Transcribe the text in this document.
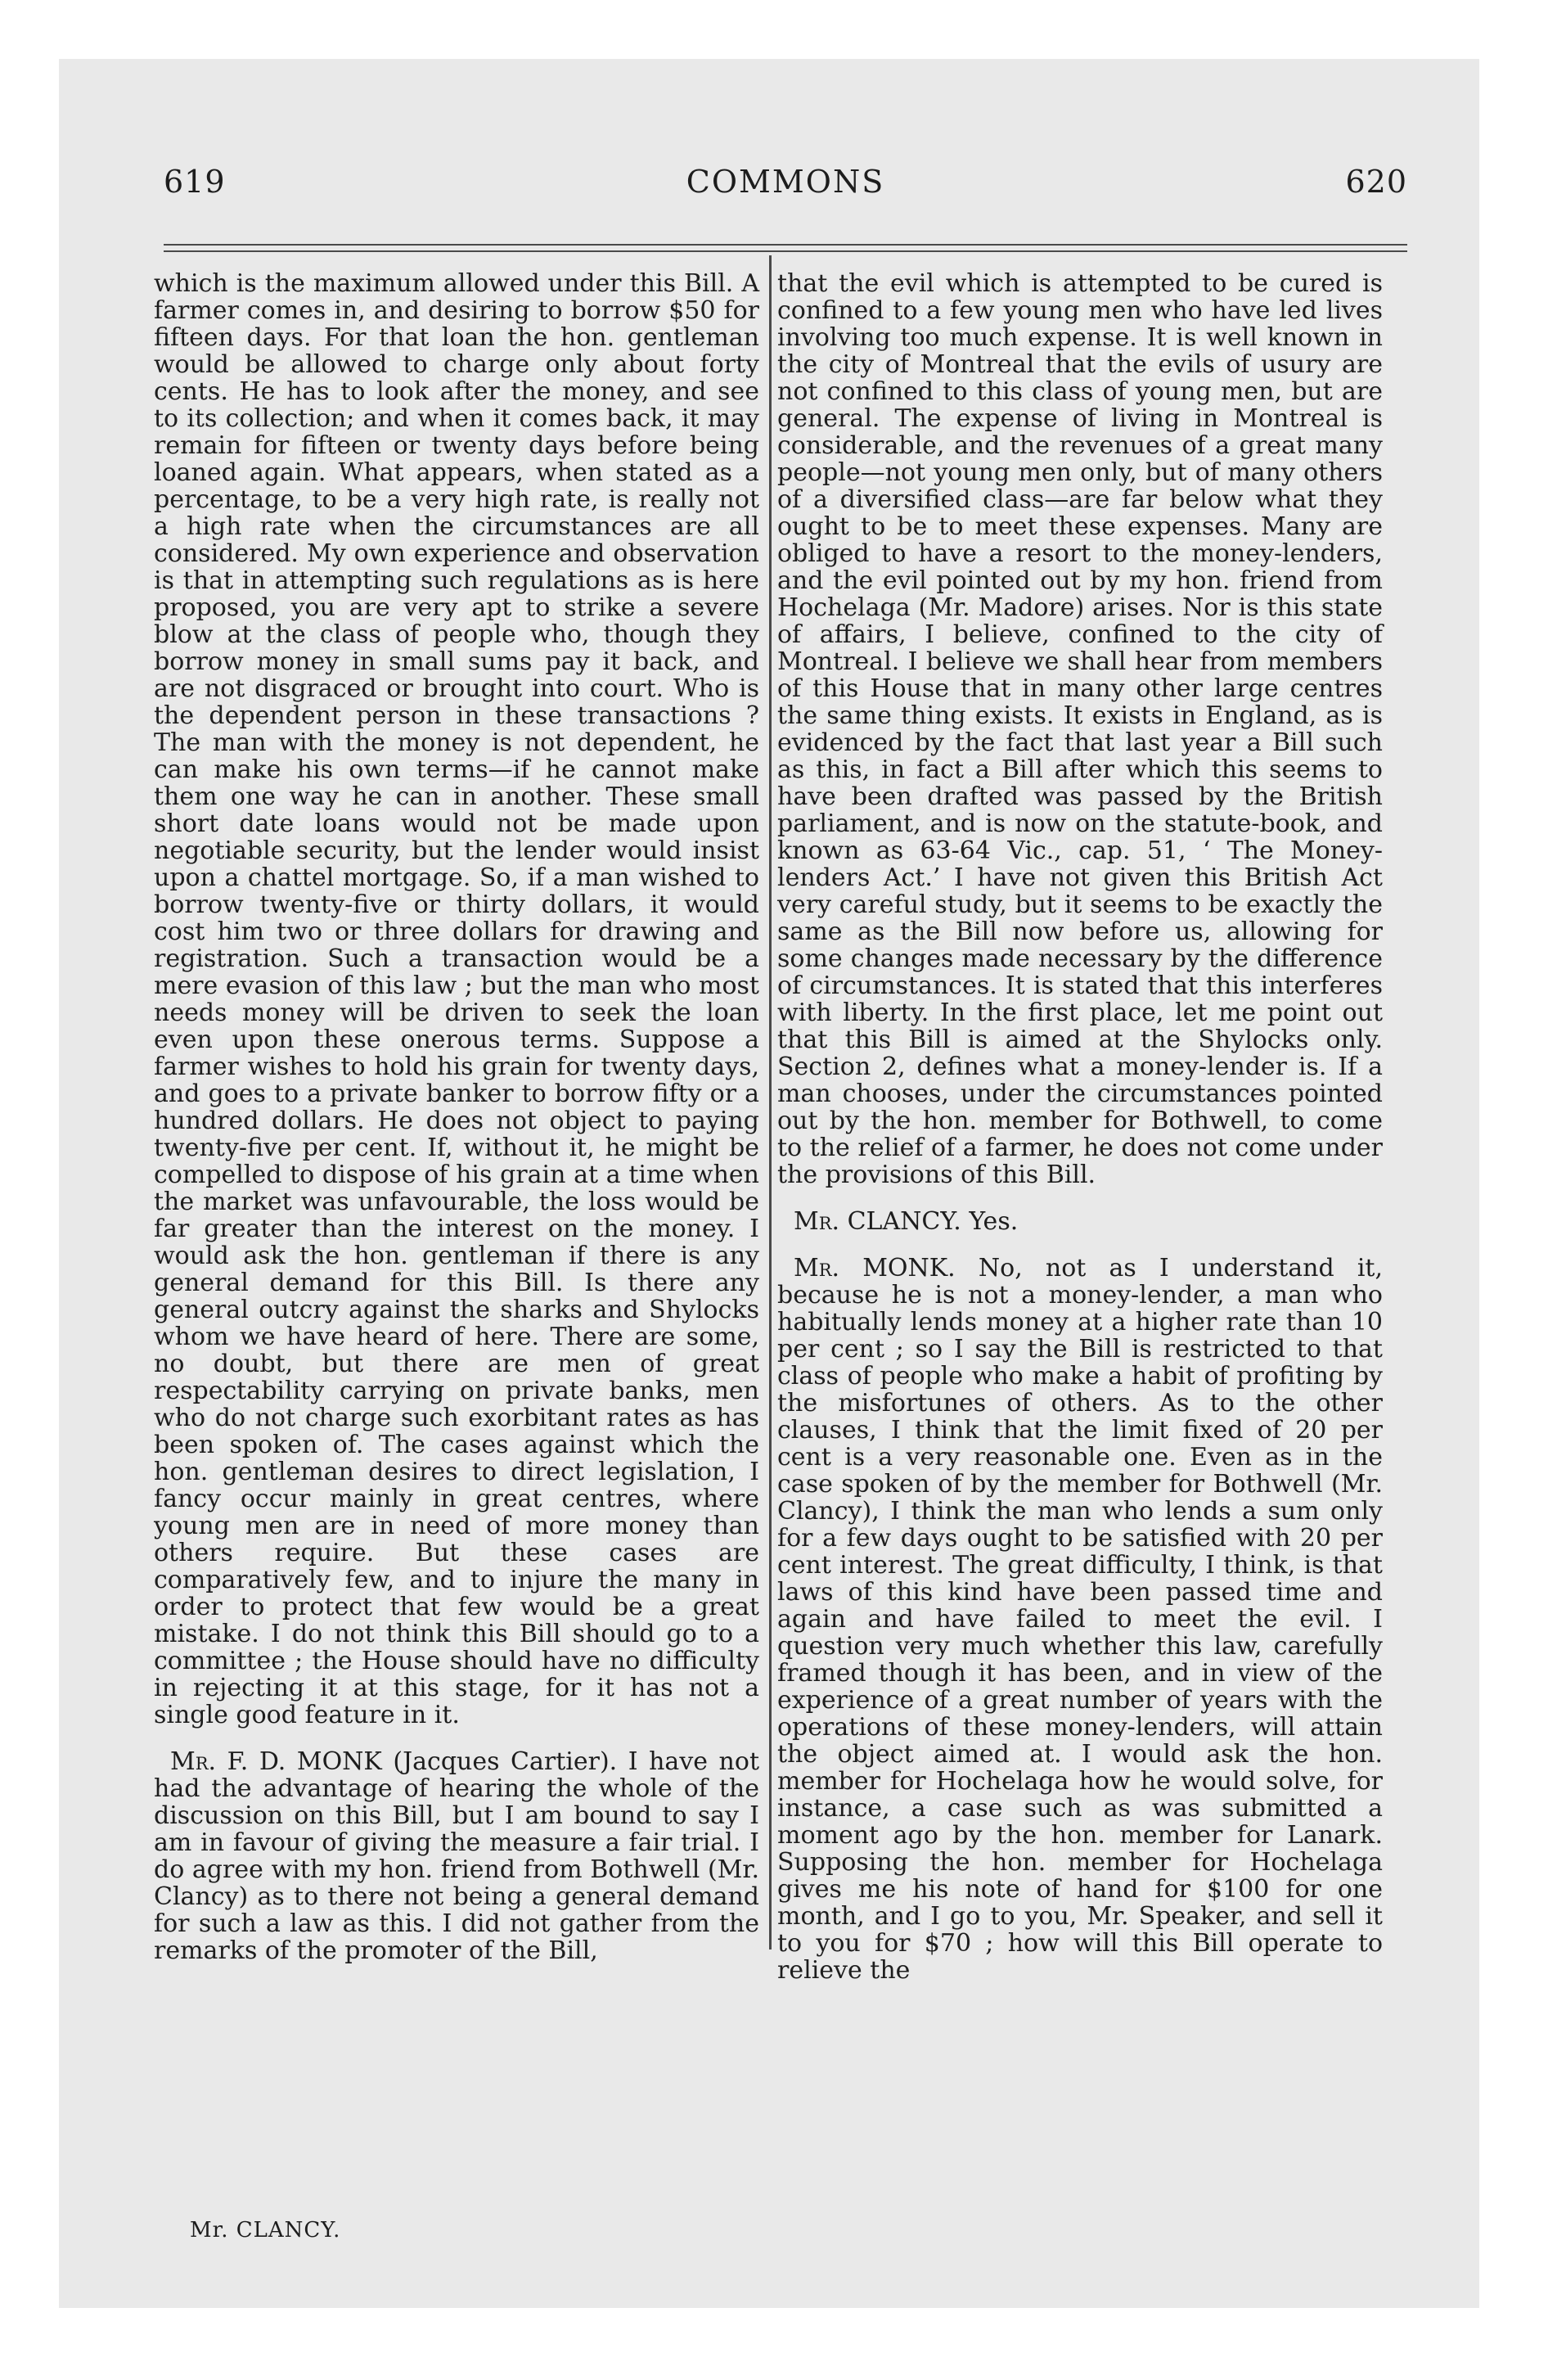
619	COMMONS	620

which is the maximum allowed under this Bill. A farmer comes in, and desiring to borrow $50 for fifteen days. For that loan the hon. gentleman would be allowed to charge only about forty cents. He has to look after the money, and see to its collection; and when it comes back, it may remain for fifteen or twenty days before being loaned again. What appears, when stated as a percentage, to be a very high rate, is really not a high rate when the circumstances are all considered. My own experience and observation is that in attempting such regulations as is here proposed, you are very apt to strike a severe blow at the class of people who, though they borrow money in small sums pay it back, and are not disgraced or brought into court. Who is the dependent person in these transactions ? The man with the money is not dependent, he can make his own terms—if he cannot make them one way he can in another. These small short date loans would not be made upon negotiable security, but the lender would insist upon a chattel mortgage. So, if a man wished to borrow twenty-five or thirty dollars, it would cost him two or three dollars for drawing and registration. Such a transaction would be a mere evasion of this law ; but the man who most needs money will be driven to seek the loan even upon these onerous terms. Suppose a farmer wishes to hold his grain for twenty days, and goes to a private banker to borrow fifty or a hundred dollars. He does not object to paying twenty-five per cent. If, without it, he might be compelled to dispose of his grain at a time when the market was unfavourable, the loss would be far greater than the interest on the money. I would ask the hon. gentleman if there is any general demand for this Bill. Is there any general outcry against the sharks and Shylocks whom we have heard of here. There are some, no doubt, but there are men of great respectability carrying on private banks, men who do not charge such exorbitant rates as has been spoken of. The cases against which the hon. gentleman desires to direct legislation, I fancy occur mainly in great centres, where young men are in need of more money than others require. But these cases are comparatively few, and to injure the many in order to protect that few would be a great mistake. I do not think this Bill should go to a committee ; the House should have no difficulty in rejecting it at this stage, for it has not a single good feature in it.

Mr. F. D. MONK (Jacques Cartier). I have not had the advantage of hearing the whole of the discussion on this Bill, but I am bound to say I am in favour of giving the measure a fair trial. I do agree with my hon. friend from Bothwell (Mr. Clancy) as to there not being a general demand for such a law as this. I did not gather from the remarks of the promoter of the Bill,

that the evil which is attempted to be cured is confined to a few young men who have led lives involving too much expense. It is well known in the city of Montreal that the evils of usury are not confined to this class of young men, but are general. The expense of living in Montreal is considerable, and the revenues of a great many people—not young men only, but of many others of a diversified class—are far below what they ought to be to meet these expenses. Many are obliged to have a resort to the money-lenders, and the evil pointed out by my hon. friend from Hochelaga (Mr. Madore) arises. Nor is this state of affairs, I believe, confined to the city of Montreal. I believe we shall hear from members of this House that in many other large centres the same thing exists. It exists in England, as is evidenced by the fact that last year a Bill such as this, in fact a Bill after which this seems to have been drafted was passed by the British parliament, and is now on the statute-book, and known as 63-64 Vic., cap. 51, ‘ The Money-lenders Act.’ I have not given this British Act very careful study, but it seems to be exactly the same as the Bill now before us, allowing for some changes made necessary by the difference of circumstances. It is stated that this interferes with liberty. In the first place, let me point out that this Bill is aimed at the Shylocks only. Section 2, defines what a money-lender is. If a man chooses, under the circumstances pointed out by the hon. member for Bothwell, to come to the relief of a farmer, he does not come under the provisions of this Bill.

Mr. CLANCY. Yes.

Mr. MONK. No, not as I understand it, because he is not a money-lender, a man who habitually lends money at a higher rate than 10 per cent ; so I say the Bill is restricted to that class of people who make a habit of profiting by the misfortunes of others. As to the other clauses, I think that the limit fixed of 20 per cent is a very reasonable one. Even as in the case spoken of by the member for Bothwell (Mr. Clancy), I think the man who lends a sum only for a few days ought to be satisfied with 20 per cent interest. The great difficulty, I think, is that laws of this kind have been passed time and again and have failed to meet the evil. I question very much whether this law, carefully framed though it has been, and in view of the experience of a great number of years with the operations of these money-lenders, will attain the object aimed at. I would ask the hon. member for Hochelaga how he would solve, for instance, a case such as was submitted a moment ago by the hon. member for Lanark. Supposing the hon. member for Hochelaga gives me his note of hand for $100 for one month, and I go to you, Mr. Speaker, and sell it to you for $70 ; how will this Bill operate to relieve the

Mr. CLANCY.
